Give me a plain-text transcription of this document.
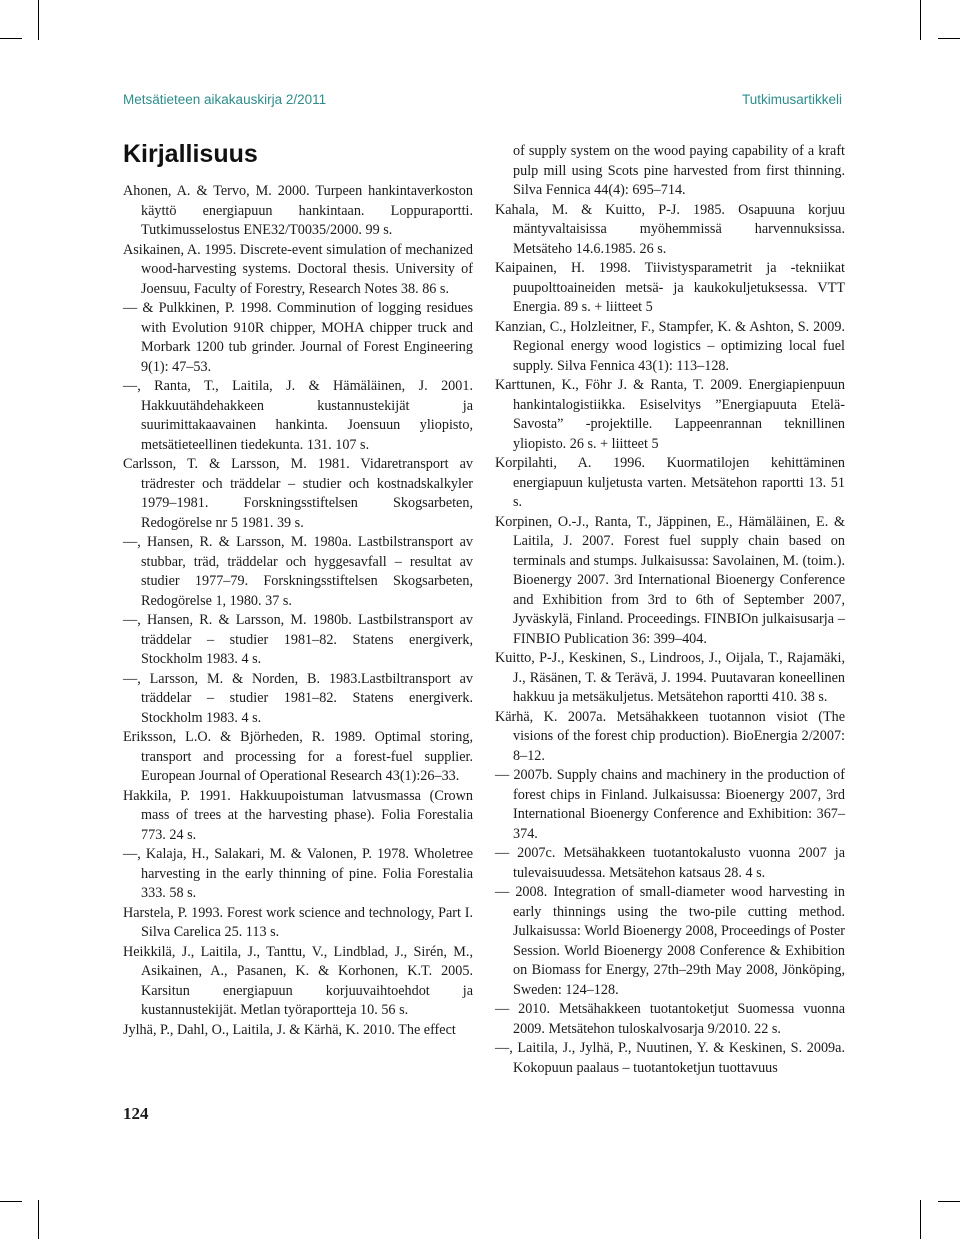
Metsätieteen aikakauskirja 2/2011	Tutkimusartikkeli
Kirjallisuus

Ahonen, A. & Tervo, M. 2000. Turpeen hankintaverkoston käyttö energiapuun hankintaan. Loppuraportti. Tutkimusselostus ENE32/T0035/2000. 99 s.

Asikainen, A. 1995. Discrete-event simulation of mechanized wood-harvesting systems. Doctoral thesis. University of Joensuu, Faculty of Forestry, Research Notes 38. 86 s.

— & Pulkkinen, P. 1998. Comminution of logging residues with Evolution 910R chipper, MOHA chipper truck and Morbark 1200 tub grinder. Journal of Forest Engineering 9(1): 47–53.

—, Ranta, T., Laitila, J. & Hämäläinen, J. 2001. Hakkuutähdehakkeen kustannustekijät ja suurimittakaavainen hankinta. Joensuun yliopisto, metsätieteellinen tiedekunta. 131. 107 s.

Carlsson, T. & Larsson, M. 1981. Vidaretransport av trädrester och träddelar – studier och kostnadskalkyler 1979–1981. Forskningsstiftelsen Skogsarbeten, Redogörelse nr 5 1981. 39 s.

—, Hansen, R. & Larsson, M. 1980a. Lastbilstransport av stubbar, träd, träddelar och hyggesavfall – resultat av studier 1977–79. Forskningsstiftelsen Skogsarbeten, Redogörelse 1, 1980. 37 s.

—, Hansen, R. & Larsson, M. 1980b. Lastbilstransport av träddelar – studier 1981–82. Statens energiverk, Stockholm 1983. 4 s.

—, Larsson, M. & Norden, B. 1983.Lastbiltransport av träddelar – studier 1981–82. Statens energiverk. Stockholm 1983. 4 s.

Eriksson, L.O. & Björheden, R. 1989. Optimal storing, transport and processing for a forest-fuel supplier. European Journal of Operational Research 43(1):26–33.

Hakkila, P. 1991. Hakkuupoistuman latvusmassa (Crown mass of trees at the harvesting phase). Folia Forestalia 773. 24 s.

—, Kalaja, H., Salakari, M. & Valonen, P. 1978. Wholetree harvesting in the early thinning of pine. Folia Forestalia 333. 58 s.

Harstela, P. 1993. Forest work science and technology, Part I. Silva Carelica 25. 113 s.

Heikkilä, J., Laitila, J., Tanttu, V., Lindblad, J., Sirén, M., Asikainen, A., Pasanen, K. & Korhonen, K.T. 2005. Karsitun energiapuun korjuuvaihtoehdot ja kustannustekijät. Metlan työraportteja 10. 56 s.

Jylhä, P., Dahl, O., Laitila, J. & Kärhä, K. 2010. The effect

of supply system on the wood paying capability of a kraft pulp mill using Scots pine harvested from first thinning. Silva Fennica 44(4): 695–714.

Kahala, M. & Kuitto, P-J. 1985. Osapuuna korjuu mäntyvaltaisissa myöhemmissä harvennuksissa. Metsäteho 14.6.1985. 26 s.

Kaipainen, H. 1998. Tiivistysparametrit ja -tekniikat puupolttoaineiden metsä- ja kaukokuljetuksessa. VTT Energia. 89 s. + liitteet 5

Kanzian, C., Holzleitner, F., Stampfer, K. & Ashton, S. 2009. Regional energy wood logistics – optimizing local fuel supply. Silva Fennica 43(1): 113–128.

Karttunen, K., Föhr J. & Ranta, T. 2009. Energiapienpuun hankintalogistiikka. Esiselvitys ”Energiapuuta Etelä-Savosta” -projektille. Lappeenrannan teknillinen yliopisto. 26 s. + liitteet 5

Korpilahti, A. 1996. Kuormatilojen kehittäminen energiapuun kuljetusta varten. Metsätehon raportti 13. 51 s.

Korpinen, O.-J., Ranta, T., Jäppinen, E., Hämäläinen, E. & Laitila, J. 2007. Forest fuel supply chain based on terminals and stumps. Julkaisussa: Savolainen, M. (toim.). Bioenergy 2007. 3rd International Bioenergy Conference and Exhibition from 3rd to 6th of September 2007, Jyväskylä, Finland. Proceedings. FINBIOn julkaisusarja – FINBIO Publication 36: 399–404.

Kuitto, P-J., Keskinen, S., Lindroos, J., Oijala, T., Rajamäki, J., Räsänen, T. & Terävä, J. 1994. Puutavaran koneellinen hakkuu ja metsäkuljetus. Metsätehon raportti 410. 38 s.

Kärhä, K. 2007a. Metsähakkeen tuotannon visiot (The visions of the forest chip production). BioEnergia 2/2007: 8–12.

— 2007b. Supply chains and machinery in the production of forest chips in Finland. Julkaisussa: Bioenergy 2007, 3rd International Bioenergy Conference and Exhibition: 367–374.

— 2007c. Metsähakkeen tuotantokalusto vuonna 2007 ja tulevaisuudessa. Metsätehon katsaus 28. 4 s.

— 2008. Integration of small-diameter wood harvesting in early thinnings using the two-pile cutting method. Julkaisussa: World Bioenergy 2008, Proceedings of Poster Session. World Bioenergy 2008 Conference & Exhibition on Biomass for Energy, 27th–29th May 2008, Jönköping, Sweden: 124–128.

— 2010. Metsähakkeen tuotantoketjut Suomessa vuonna 2009. Metsätehon tuloskalvosarja 9/2010. 22 s.

—, Laitila, J., Jylhä, P., Nuutinen, Y. & Keskinen, S. 2009a. Kokopuun paalaus – tuotantoketjun tuottavuus

124
